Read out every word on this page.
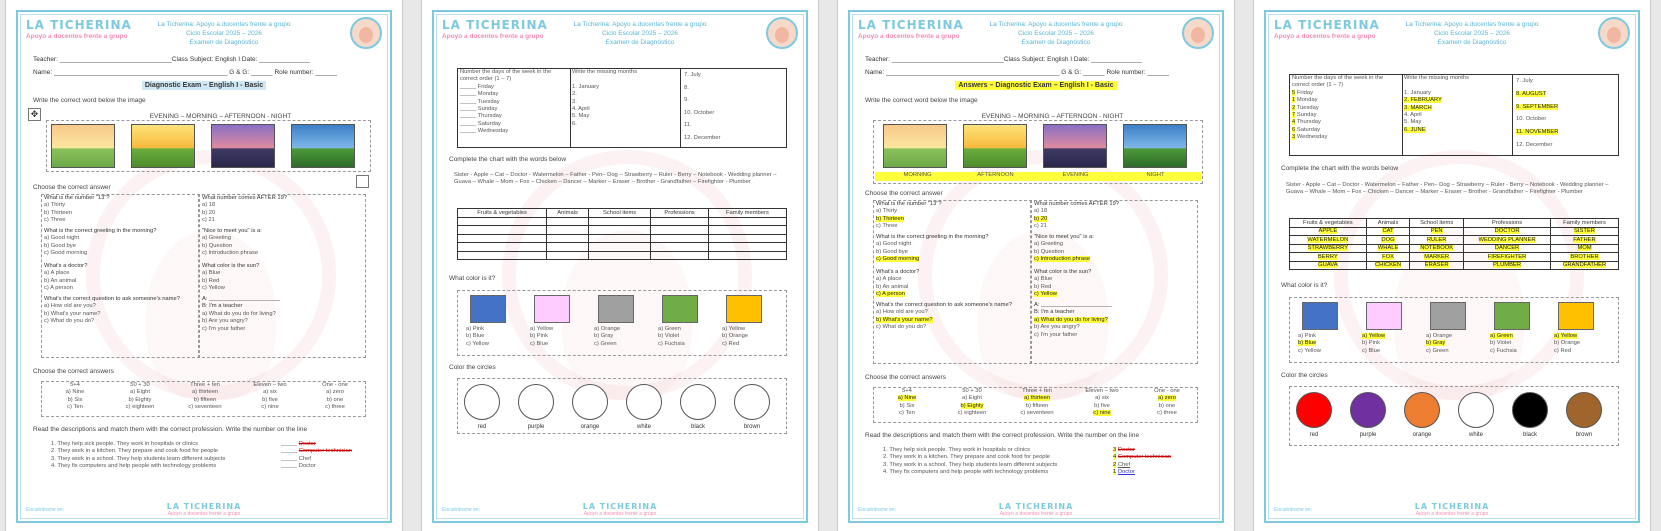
LA TICHERINA
Apoyo a docentes frente a grupo
La Ticherina: Apoyo a docentes frente a grupo
Ciclo Escolar 2025 – 2026
Examen de Diagnóstico
Teacher: _______________________________Class Subject: English I Date: ______________
Name: ________________________________________________ G & G: ______ Role number: ______
Diagnostic Exam – English I - Basic
Write the correct word below the image
✥	EVENING – MORNING – AFTERNOON - NIGHT
Choose the correct answer
What is the number "13"?
a) Thirty
b) Thirteen
c) Three
What number comes AFTER 19?
a) 18
b) 20
c) 21
What is the correct greeting in the morning?
a) Good night
b) Good bye
c) Good morning
"Nice to meet you" is a:
a) Greeting
b) Question
c) Introduction phrase
What's a doctor?
a) A place
b) An animal
c) A person
What color is the sun?
a) Blue
b) Red
c) Yellow
What's the correct question to ask someone's name?
a) How old are you?
b) What's your name?
c) What do you do?
A: ______________________
B: I'm a teacher
a) What do you do for living?
b) Are you angry?
c) I'm your father
Choose the correct answers
5+4
a) Nine
b) Six
c) Ten
50 + 30
a) Eight
b) Eighty
c) eighteen
Three + ten
a) thirteen
b) fifteen
c) seventeen
Eleven – two
a) six
b) five
c) nine
One - one
a) zero
b) one
c) three
Read the descriptions and match them with the correct profession. Write the number on the line
1. They help sick people. They work in hospitals or clinics
2. They work in a kitchen. They prepare and cook food for people
3. They work in a school. They help students learn different subjects
4. They fix computers and help people with technology problems
_____ Doctor
_____ Computer technician
_____ Chef
_____ Doctor
Encuéntrame en:	LA TICHERINA
Apoyo a docentes frente a grupo
LA TICHERINA
Apoyo a docentes frente a grupo
La Ticherina: Apoyo a docentes frente a grupo
Ciclo Escolar 2025 – 2026
Examen de Diagnóstico
Number the days of the week in the correct order (1 – 7)
_____ Friday
_____ Monday
_____ Tuesday
_____ Sunday
_____ Thursday
_____ Saturday
_____ Wednesday
Write the missing months

1. January
2.
3.
4. April
5. May
6.
7. July
8.
9.
10. October
11.
12. December
Complete the chart with the words below
Sister - Apple – Cat – Doctor - Watermelon – Father - Pen– Dog – Strawberry – Ruler - Berry – Notebook - Wedding planner – Guava – Whale – Mom – Fox – Chicken – Dancer – Marker – Eraser – Brother - Grandfather – Firefighter - Plumber
Fruits & vegetables	Animals	School items	Professions	Family members

What color is it?
a) Pink
b) Blue
c) Yellow
a) Yellow
b) Pink
c) Blue
a) Orange
b) Gray
c) Green
a) Green
b) Violet
c) Fuchsia
a) Yellow
b) Orange
c) Red
Color the circles
red	purple	orange	white	black	brown
Encuéntrame en:	LA TICHERINA
Apoyo a docentes frente a grupo
LA TICHERINA
Apoyo a docentes frente a grupo
La Ticherina: Apoyo a docentes frente a grupo
Ciclo Escolar 2025 – 2026
Examen de Diagnóstico
Teacher: _______________________________Class Subject: English I Date: ______________
Name: ________________________________________________ G & G: ______ Role number: ______
Answers – Diagnostic Exam – English I - Basic
Write the correct word below the image
EVENING – MORNING – AFTERNOON - NIGHT
MORNING	AFTERNOON	EVENING	NIGHT
Choose the correct answer
What is the number "13"?
a) Thirty
b) Thirteen
c) Three
What number comes AFTER 19?
a) 18
b) 20
c) 21
What is the correct greeting in the morning?
a) Good night
b) Good bye
c) Good morning
"Nice to meet you" is a:
a) Greeting
b) Question
c) Introduction phrase
What's a doctor?
a) A place
b) An animal
c) A person
What color is the sun?
a) Blue
b) Red
c) Yellow
What's the correct question to ask someone's name?
a) How old are you?
b) What's your name?
c) What do you do?
A: ______________________
B: I'm a teacher
a) What do you do for living?
b) Are you angry?
c) I'm your father
Choose the correct answers
5+4
a) Nine
b) Six
c) Ten
50 + 30
a) Eight
b) Eighty
c) eighteen
Three + ten
a) thirteen
b) fifteen
c) seventeen
Eleven – two
a) six
b) five
c) nine
One - one
a) zero
b) one
c) three
Read the descriptions and match them with the correct profession. Write the number on the line
1. They help sick people. They work in hospitals or clinics
2. They work in a kitchen. They prepare and cook food for people
3. They work in a school. They help students learn different subjects
4. They fix computers and help people with technology problems
3 Doctor
4 Computer technician
2 Chef
1 Doctor
Encuéntrame en:	LA TICHERINA
Apoyo a docentes frente a grupo
LA TICHERINA
Apoyo a docentes frente a grupo
La Ticherina: Apoyo a docentes frente a grupo
Ciclo Escolar 2025 – 2026
Examen de Diagnóstico
Number the days of the week in the correct order (1 – 7)
5 Friday
1 Monday
2 Tuesday
7 Sunday
4 Thursday
6 Saturday
3 Wednesday
Write the missing months

1. January
2. FEBRUARY
3. MARCH
4. April
5. May
6. JUNE
7. July
8. AUGUST
9. SEPTEMBER
10. October
11. NOVEMBER
12. December
Complete the chart with the words below
Sister - Apple – Cat – Doctor - Watermelon – Father - Pen– Dog – Strawberry – Ruler - Berry – Notebook - Wedding planner – Guava – Whale – Mom – Fox – Chicken – Dancer – Marker – Eraser – Brother - Grandfather – Firefighter - Plumber
Fruits & vegetables	Animals	School items	Professions	Family members
APPLE	CAT	PEN	DOCTOR	SISTER
WATERMELON	DOG	RULER	WEDDING PLANNER	FATHER
STRAWBERRY	WHALE	NOTEBOOK	DANCER	MOM
BERRY	FOX	MARKER	FIREFIGHTER	BROTHER
GUAVA	CHICKEN	ERASER	PLUMBER	GRANDFATHER
What color is it?
a) Pink
b) Blue
c) Yellow
a) Yellow
b) Pink
c) Blue
a) Orange
b) Gray
c) Green
a) Green
b) Violet
c) Fuchsia
a) Yellow
b) Orange
c) Red
Color the circles
red	purple	orange	white	black	brown
Encuéntrame en:	LA TICHERINA
Apoyo a docentes frente a grupo
